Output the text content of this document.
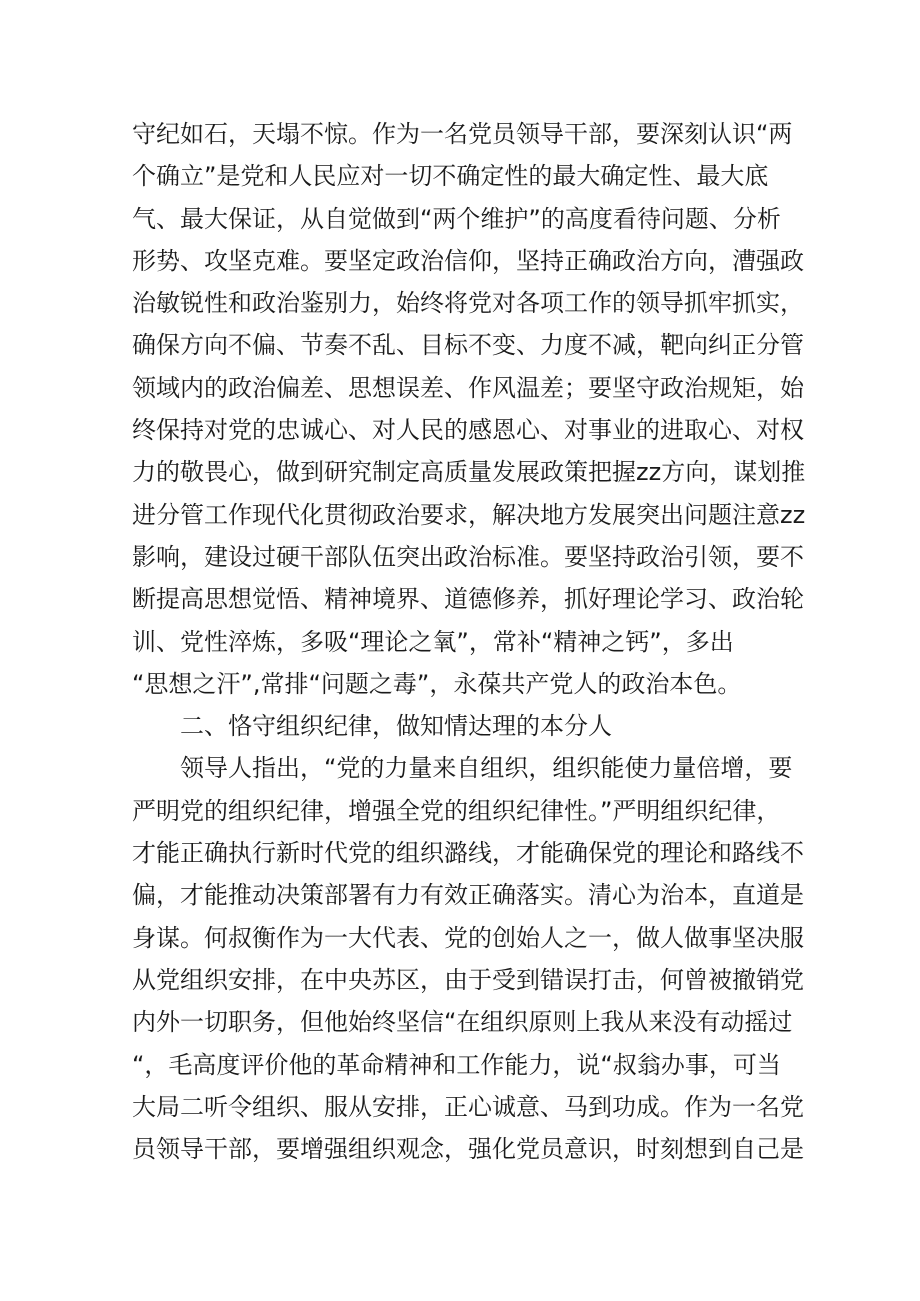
守纪如石，天塌不惊。作为一名党员领导干部，要深刻认识“两
个确立”是党和人民应对一切不确定性的最大确定性、最大底
气、最大保证，从自觉做到“两个维护”的高度看待问题、分析
形势、攻坚克难。要坚定政治信仰，坚持正确政治方向，漕强政
治敏锐性和政治鉴别力，始终将党对各项工作的领导抓牢抓实，
确保方向不偏、节奏不乱、目标不变、力度不减，靶向纠正分管
领域内的政治偏差、思想误差、作风温差；要坚守政治规矩，始
终保持对党的忠诚心、对人民的感恩心、对事业的进取心、对权
力的敬畏心，做到研究制定高质量发展政策把握zz方向，谋划推
进分管工作现代化贯彻政治要求，解决地方发展突出问题注意zz
影响，建设过硬干部队伍突出政治标准。要坚持政治引领，要不
断提高思想觉悟、精神境界、道德修养，抓好理论学习、政治轮
训、党性淬炼，多吸“理论之氧”，常补“精神之钙”，多出
“思想之汗”,常排“问题之毒”，永葆共产党人的政治本色。
二、恪守组织纪律，做知情达理的本分人
领导人指出，“党的力量来自组织，组织能使力量倍增，要
严明党的组织纪律，增强全党的组织纪律性。”严明组织纪律，
才能正确执行新时代党的组织潞线，才能确保党的理论和路线不
偏，才能推动决策部署有力有效正确落实。清心为治本，直道是
身谋。何叔衡作为一大代表、党的创始人之一，做人做事坚决服
从党组织安排，在中央苏区，由于受到错误打击，何曾被撤销党
内外一切职务，但他始终坚信“在组织原则上我从来没有动摇过
“，毛高度评价他的革命精神和工作能力，说“叔翁办事，可当
大局二听令组织、服从安排，正心诚意、马到功成。作为一名党
员领导干部，要增强组织观念，强化党员意识，时刻想到自己是
